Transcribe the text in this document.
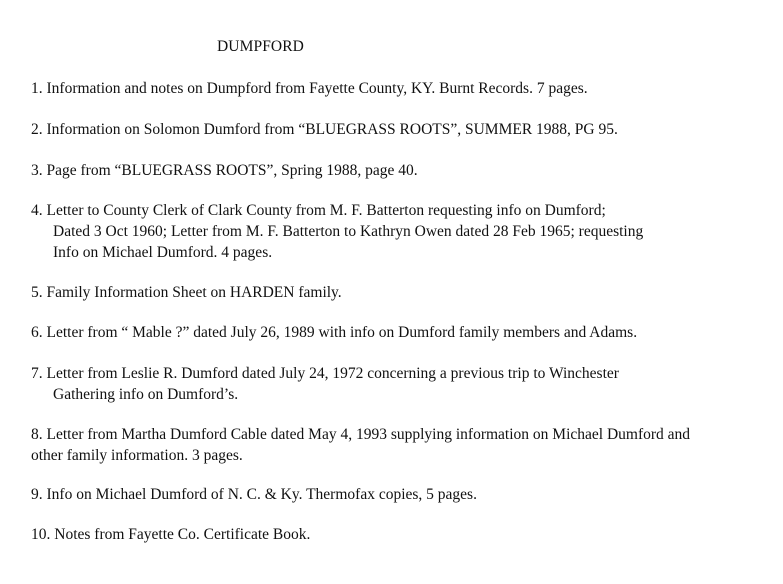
DUMPFORD
1. Information and notes on Dumpford from Fayette County, KY. Burnt Records. 7 pages.
2. Information on Solomon Dumford from “BLUEGRASS ROOTS”, SUMMER 1988, PG 95.
3. Page from “BLUEGRASS ROOTS”, Spring 1988, page 40.
4. Letter to County Clerk of Clark County from M. F. Batterton requesting info on Dumford;
Dated 3 Oct 1960; Letter from M. F. Batterton to Kathryn Owen dated 28 Feb 1965; requesting
Info on Michael Dumford. 4 pages.
5. Family Information Sheet on HARDEN family.
6. Letter from “ Mable ?” dated July 26, 1989 with info on Dumford family members and Adams.
7. Letter from Leslie R. Dumford dated July 24, 1972 concerning a previous trip to Winchester
Gathering info on Dumford’s.
8. Letter from Martha Dumford Cable dated May 4, 1993 supplying information on Michael Dumford and
other family information. 3 pages.
9. Info on Michael Dumford of N. C. & Ky. Thermofax copies, 5 pages.
10. Notes from Fayette Co. Certificate Book.
